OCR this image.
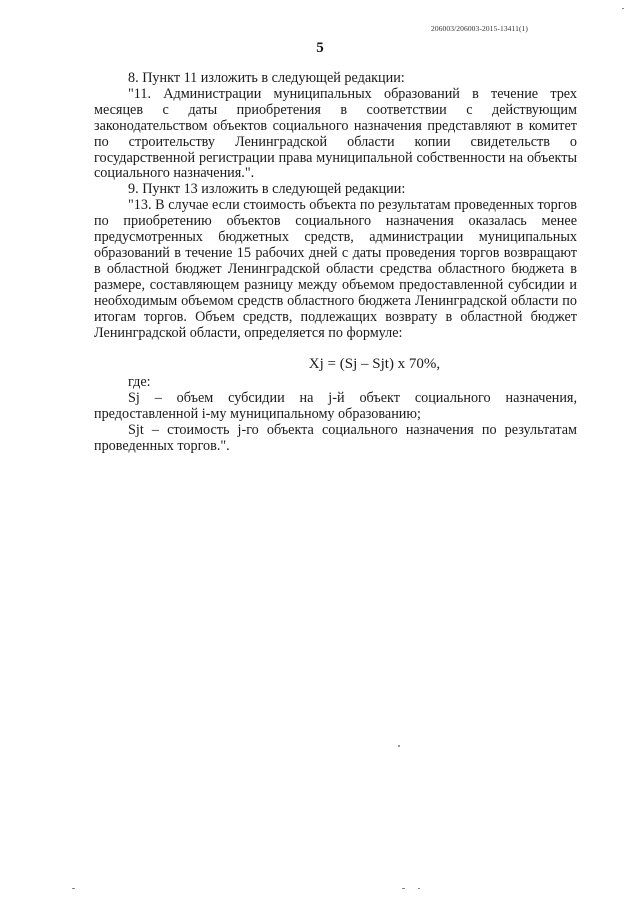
206003/206003-2015-13411(1)
5

8. Пункт 11 изложить в следующей редакции:

"11. Администрации муниципальных образований в течение трех месяцев с даты приобретения в соответствии с действующим законодательством объектов социального назначения представляют в комитет по строительству Ленинградской области копии свидетельств о государственной регистрации права муниципальной собственности на объекты социального назначения.".

9. Пункт 13 изложить в следующей редакции:

"13. В случае если стоимость объекта по результатам проведенных торгов по приобретению объектов социального назначения оказалась менее предусмотренных бюджетных средств, администрации муниципальных образований в течение 15 рабочих дней с даты проведения торгов возвращают в областной бюджет Ленинградской области средства областного бюджета в размере, составляющем разницу между объемом предоставленной субсидии и необходимым объемом средств областного бюджета Ленинградской области по итогам торгов. Объем средств, подлежащих возврату в областной бюджет Ленинградской области, определяется по формуле:

Xj = (Sj – Sjt) x 70%,

где:

Sj – объем субсидии на j-й объект социального назначения, предоставленной i-му муниципальному образованию;

Sjt – стоимость j-го объекта социального назначения по результатам проведенных торгов.".
